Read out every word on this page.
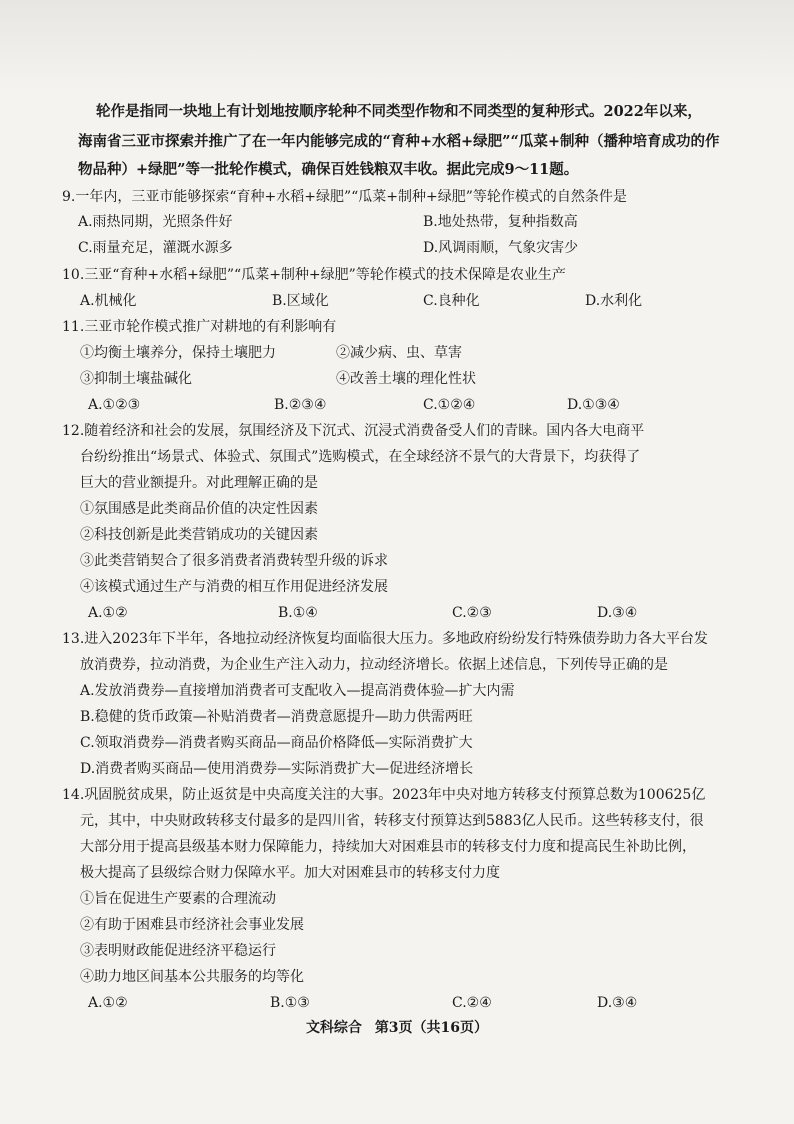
轮作是指同一块地上有计划地按顺序轮种不同类型作物和不同类型的复种形式。2022年以来，
海南省三亚市探索并推广了在一年内能够完成的“育种+水稻+绿肥”“瓜菜+制种（播种培育成功的作
物品种）+绿肥”等一批轮作模式，确保百姓钱粮双丰收。据此完成9～11题。
9.一年内，三亚市能够探索“育种+水稻+绿肥”“瓜菜+制种+绿肥”等轮作模式的自然条件是
A.雨热同期，光照条件好	B.地处热带，复种指数高
C.雨量充足，灌溉水源多	D.风调雨顺，气象灾害少
10.三亚“育种+水稻+绿肥”“瓜菜+制种+绿肥”等轮作模式的技术保障是农业生产
A.机械化	B.区域化	C.良种化	D.水利化
11.三亚市轮作模式推广对耕地的有利影响有
①均衡土壤养分，保持土壤肥力	②减少病、虫、草害
③抑制土壤盐碱化	④改善土壤的理化性状
A.①②③	B.②③④	C.①②④	D.①③④
12.随着经济和社会的发展，氛围经济及下沉式、沉浸式消费备受人们的青睐。国内各大电商平
台纷纷推出“场景式、体验式、氛围式”选购模式，在全球经济不景气的大背景下，均获得了
巨大的营业额提升。对此理解正确的是
①氛围感是此类商品价值的决定性因素
②科技创新是此类营销成功的关键因素
③此类营销契合了很多消费者消费转型升级的诉求
④该模式通过生产与消费的相互作用促进经济发展
A.①②	B.①④	C.②③	D.③④
13.进入2023年下半年，各地拉动经济恢复均面临很大压力。多地政府纷纷发行特殊债券助力各大平台发
放消费券，拉动消费，为企业生产注入动力，拉动经济增长。依据上述信息，下列传导正确的是
A.发放消费券—直接增加消费者可支配收入—提高消费体验—扩大内需
B.稳健的货币政策—补贴消费者—消费意愿提升—助力供需两旺
C.领取消费券—消费者购买商品—商品价格降低—实际消费扩大
D.消费者购买商品—使用消费券—实际消费扩大—促进经济增长
14.巩固脱贫成果，防止返贫是中央高度关注的大事。2023年中央对地方转移支付预算总数为100625亿
元，其中，中央财政转移支付最多的是四川省，转移支付预算达到5883亿人民币。这些转移支付，很
大部分用于提高县级基本财力保障能力，持续加大对困难县市的转移支付力度和提高民生补助比例，
极大提高了县级综合财力保障水平。加大对困难县市的转移支付力度
①旨在促进生产要素的合理流动
②有助于困难县市经济社会事业发展
③表明财政能促进经济平稳运行
④助力地区间基本公共服务的均等化
A.①②	B.①③	C.②④	D.③④
文科综合 第3页（共16页）
